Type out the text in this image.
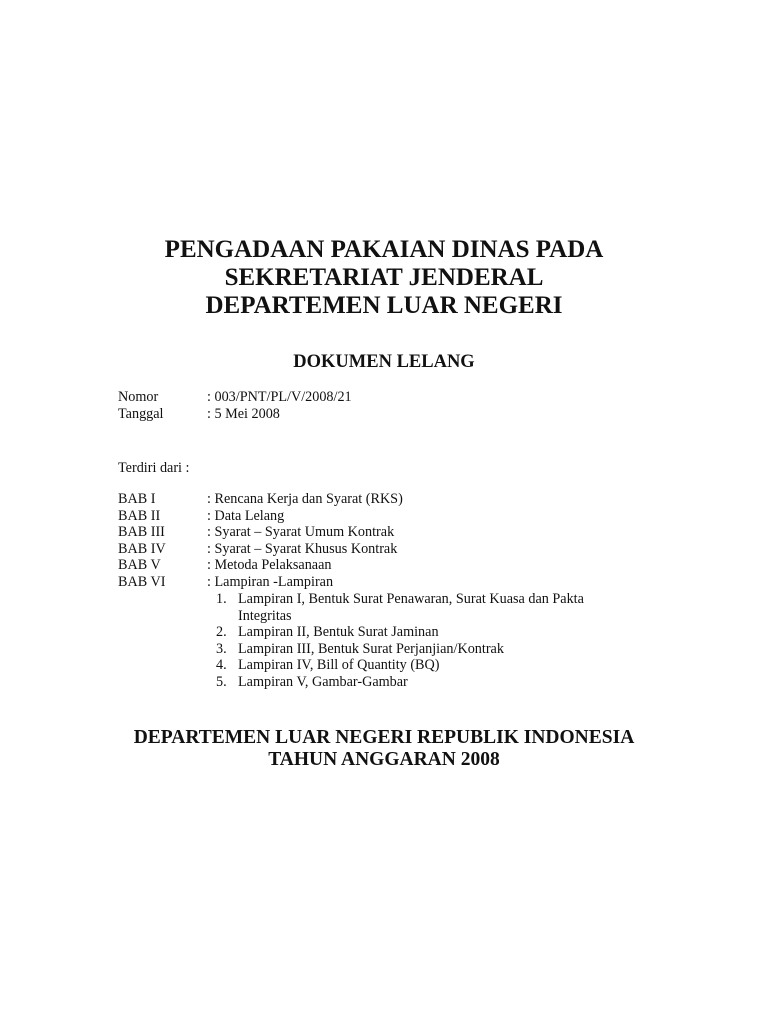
PENGADAAN PAKAIAN DINAS PADA
SEKRETARIAT JENDERAL
DEPARTEMEN LUAR NEGERI
DOKUMEN LELANG
Nomor	: 003/PNT/PL/V/2008/21
Tanggal	: 5 Mei 2008
Terdiri dari :
BAB I	: Rencana Kerja dan Syarat (RKS)
BAB II	: Data Lelang
BAB III	: Syarat – Syarat Umum Kontrak
BAB IV	: Syarat – Syarat Khusus Kontrak
BAB V	: Metoda Pelaksanaan
BAB VI	: Lampiran -Lampiran
1. Lampiran I, Bentuk Surat Penawaran, Surat Kuasa dan Pakta Integritas
2. Lampiran II, Bentuk Surat Jaminan
3. Lampiran III, Bentuk Surat Perjanjian/Kontrak
4. Lampiran IV, Bill of Quantity (BQ)
5. Lampiran V, Gambar-Gambar
DEPARTEMEN LUAR NEGERI REPUBLIK INDONESIA
TAHUN ANGGARAN 2008
